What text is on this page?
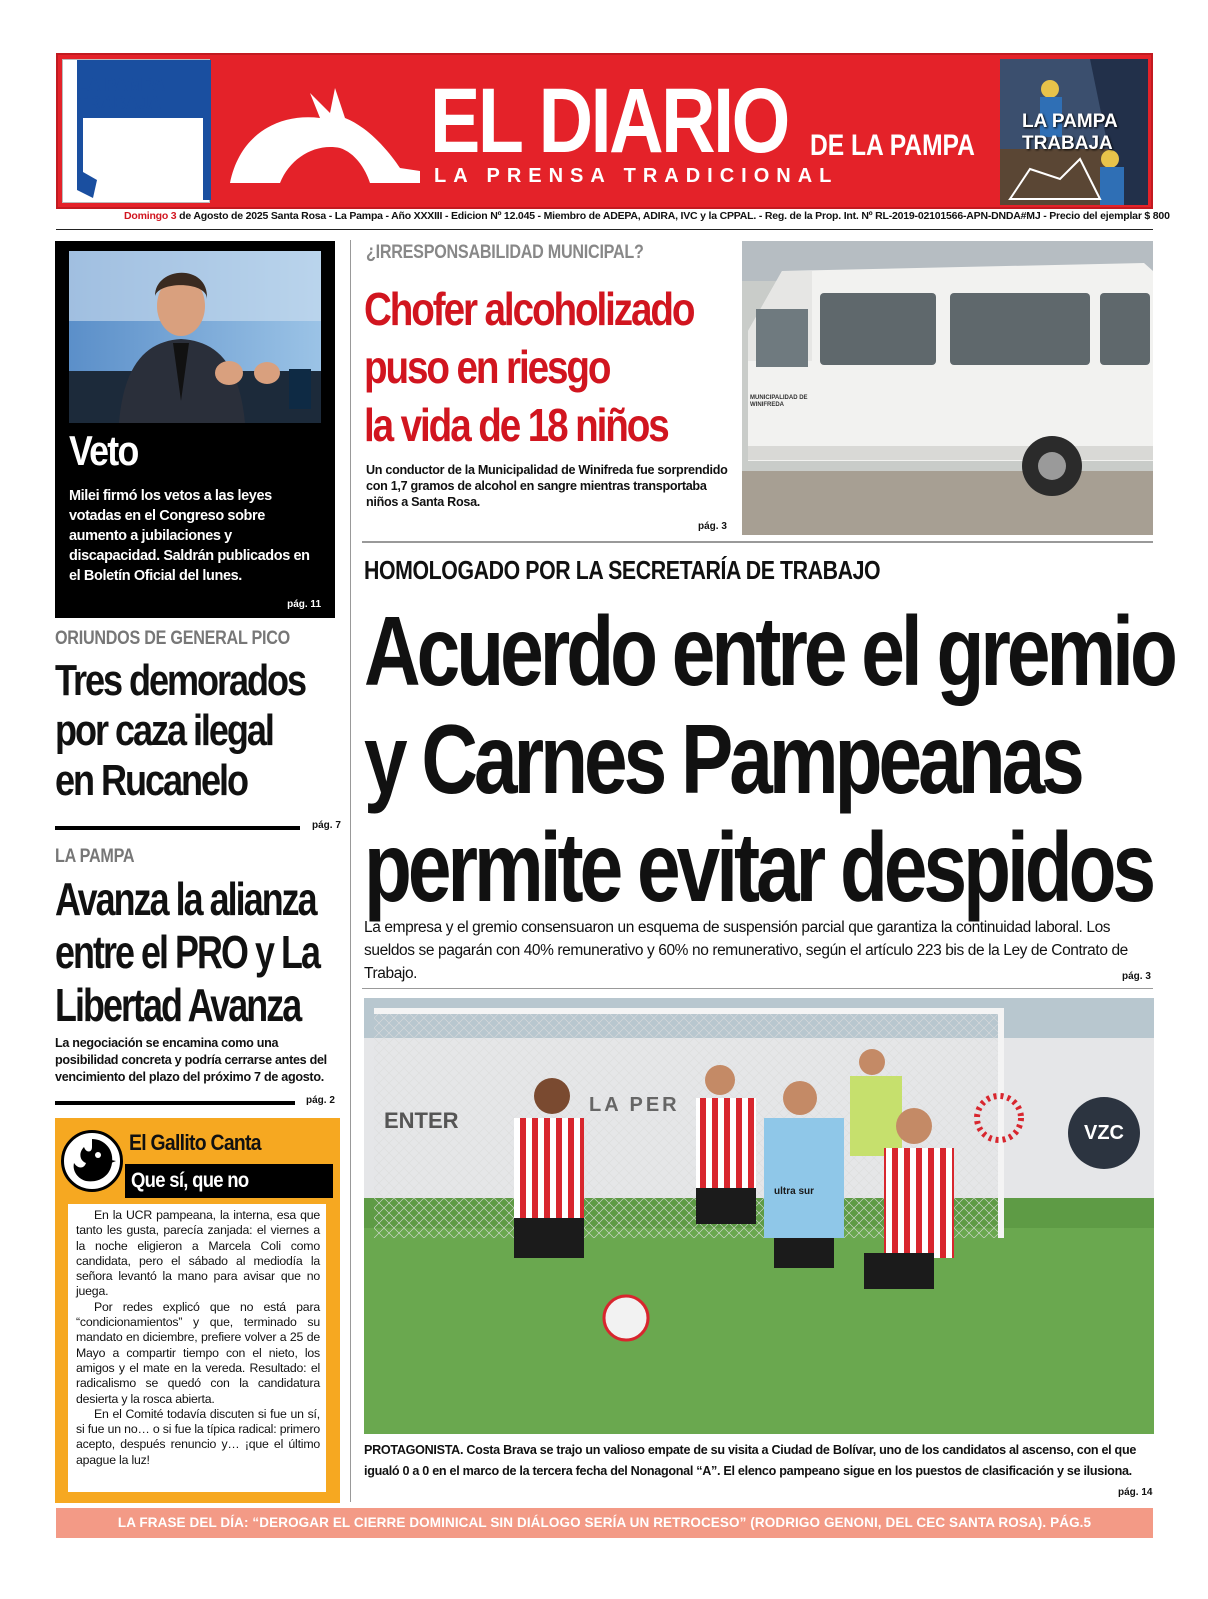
LA PAMPA TRABAJA	EL DIARIO DE LA PAMPA
LA PRENSA TRADICIONAL
LA PAMPA TRABAJA
Domingo 3 de Agosto de 2025 Santa Rosa - La Pampa - Año XXXIII - Edicion Nº 12.045 - Miembro de ADEPA, ADIRA, IVC y la CPPAL. - Reg. de la Prop. Int. Nº RL-2019-02101566-APN-DNDA#MJ - Precio del ejemplar $ 800
Veto
Milei firmó los vetos a las leyes votadas en el Congreso sobre aumento a jubilaciones y discapacidad. Saldrán publicados en el Boletín Oficial del lunes.
pág. 11
ORIUNDOS DE GENERAL PICO
Tres demorados
por caza ilegal
en Rucanelo
pág. 7
LA PAMPA
Avanza la alianza
entre el PRO y La
Libertad Avanza
La negociación se encamina como una posibilidad concreta y podría cerrarse antes del vencimiento del plazo del próximo 7 de agosto.
pág. 2
El Gallito Canta
Que sí, que no

En la UCR pampeana, la interna, esa que tanto les gusta, parecía zanjada: el viernes a la noche eligieron a Marcela Coli como candidata, pero el sábado al mediodía la señora levantó la mano para avisar que no juega.

Por redes explicó que no está para “condicionamientos” y que, terminado su mandato en diciembre, prefiere volver a 25 de Mayo a compartir tiempo con el nieto, los amigos y el mate en la vereda. Resultado: el radicalismo se quedó con la candidatura desierta y la rosca abierta.

En el Comité todavía discuten si fue un sí, si fue un no… o si fue la típica radical: primero acepto, después renuncio y… ¡que el último apague la luz!

¿IRRESPONSABILIDAD MUNICIPAL?
Chofer alcoholizado
puso en riesgo
la vida de 18 niños
Un conductor de la Municipalidad de Winifreda fue sorprendido con 1,7 gramos de alcohol en sangre mientras transportaba niños a Santa Rosa.
pág. 3
MUNICIPALIDAD DE WINIFREDA
HOMOLOGADO POR LA SECRETARÍA DE TRABAJO
Acuerdo entre el gremio
y Carnes Pampeanas
permite evitar despidos
La empresa y el gremio consensuaron un esquema de suspensión parcial que garantiza la continuidad laboral. Los sueldos se pagarán con 40% remunerativo y 60% no remunerativo, según el artículo 223 bis de la Ley de Contrato de Trabajo.	pág. 3
ENTER
LA PER
VZC
ultra sur
PROTAGONISTA. Costa Brava se trajo un valioso empate de su visita a Ciudad de Bolívar, uno de los candidatos al ascenso, con el que igualó 0 a 0 en el marco de la tercera fecha del Nonagonal “A”. El elenco pampeano sigue en los puestos de clasificación y se ilusiona.
pág. 14
LA FRASE DEL DÍA: “DEROGAR EL CIERRE DOMINICAL SIN DIÁLOGO SERÍA UN RETROCESO” (RODRIGO GENONI, DEL CEC SANTA ROSA). PÁG.5
